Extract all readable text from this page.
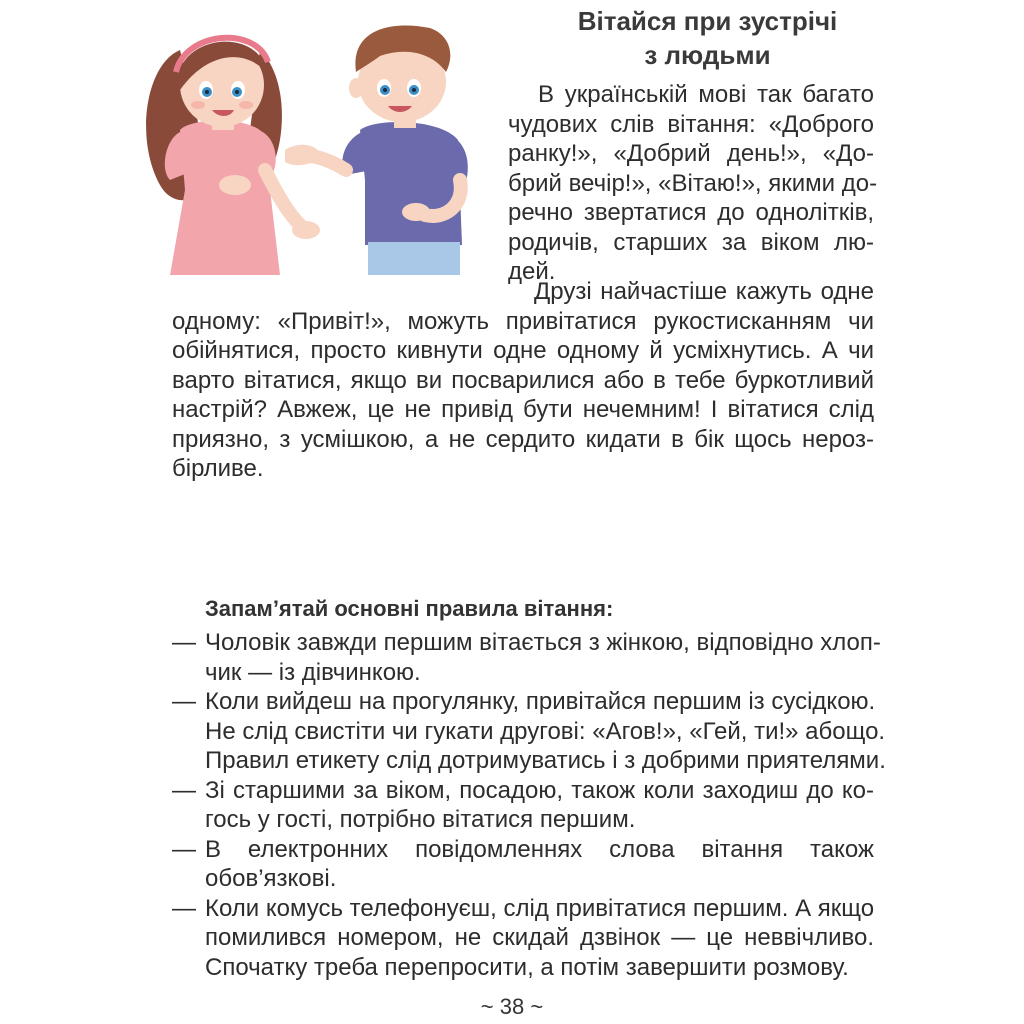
Вітайся при зустрічі
з людьми
В українській мові так багато
чудових слів вітання: «Доброго
ранку!», «Добрий день!», «До-
брий вечір!», «Вітаю!», якими до-
речно звертатися до однолітків,
родичів, старших за віком лю-
дей.
Друзі найчастіше кажуть одне
одному: «Привіт!», можуть привітатися рукостисканням чи
обійнятися, просто кивнути одне одному й усміхнутись. А чи
варто вітатися, якщо ви посварилися або в тебе буркотливий
настрій? Авжеж, це не привід бути нечемним! І вітатися слід
приязно, з усмішкою, а не сердито кидати в бік щось нероз-
бірливе.
Запам’ятай основні правила вітання:
— Чоловік завжди першим вітається з жінкою, відповідно хлоп-
чик — із дівчинкою.
— Коли вийдеш на прогулянку, привітайся першим із сусідкою.
Не слід свистіти чи гукати другові: «Агов!», «Гей, ти!» абощо.
Правил етикету слід дотримуватись і з добрими приятелями.
— Зі старшими за віком, посадою, також коли заходиш до ко-
гось у гості, потрібно вітатися першим.
— В електронних повідомленнях слова вітання також
обов’язкові.
— Коли комусь телефонуєш, слід привітатися першим. А якщо
помилився номером, не скидай дзвінок — це неввічливо.
Спочатку треба перепросити, а потім завершити розмову.
~ 38 ~
